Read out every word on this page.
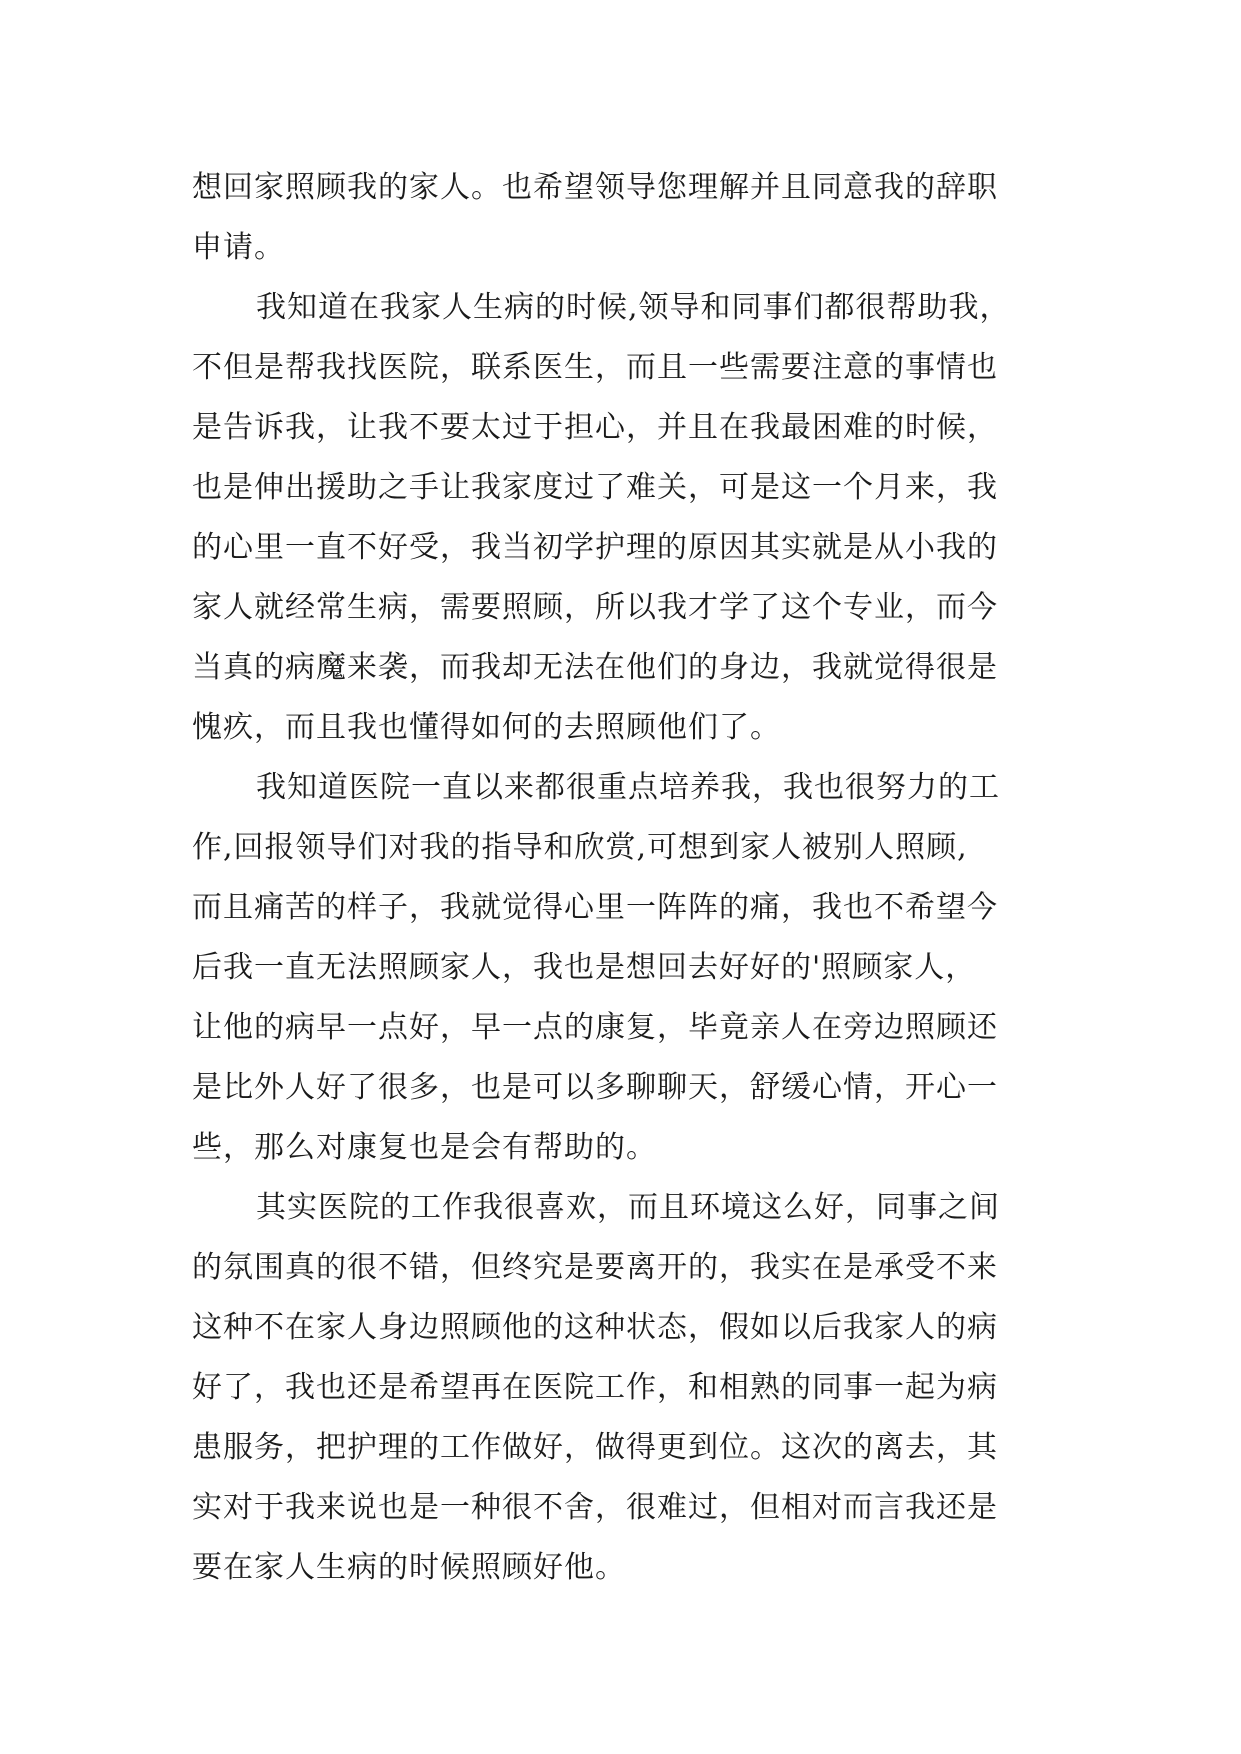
想回家照顾我的家人。也希望领导您理解并且同意我的辞职
申请。
我知道在我家人生病的时候,领导和同事们都很帮助我，
不但是帮我找医院，联系医生，而且一些需要注意的事情也
是告诉我，让我不要太过于担心，并且在我最困难的时候，
也是伸出援助之手让我家度过了难关，可是这一个月来，我
的心里一直不好受，我当初学护理的原因其实就是从小我的
家人就经常生病，需要照顾，所以我才学了这个专业，而今
当真的病魔来袭，而我却无法在他们的身边，我就觉得很是
愧疚，而且我也懂得如何的去照顾他们了。
我知道医院一直以来都很重点培养我，我也很努力的工
作,回报领导们对我的指导和欣赏,可想到家人被别人照顾,
而且痛苦的样子，我就觉得心里一阵阵的痛，我也不希望今
后我一直无法照顾家人，我也是想回去好好的'照顾家人，
让他的病早一点好，早一点的康复，毕竟亲人在旁边照顾还
是比外人好了很多，也是可以多聊聊天，舒缓心情，开心一
些，那么对康复也是会有帮助的。
其实医院的工作我很喜欢，而且环境这么好，同事之间
的氛围真的很不错，但终究是要离开的，我实在是承受不来
这种不在家人身边照顾他的这种状态，假如以后我家人的病
好了，我也还是希望再在医院工作，和相熟的同事一起为病
患服务，把护理的工作做好，做得更到位。这次的离去，其
实对于我来说也是一种很不舍，很难过，但相对而言我还是
要在家人生病的时候照顾好他。
